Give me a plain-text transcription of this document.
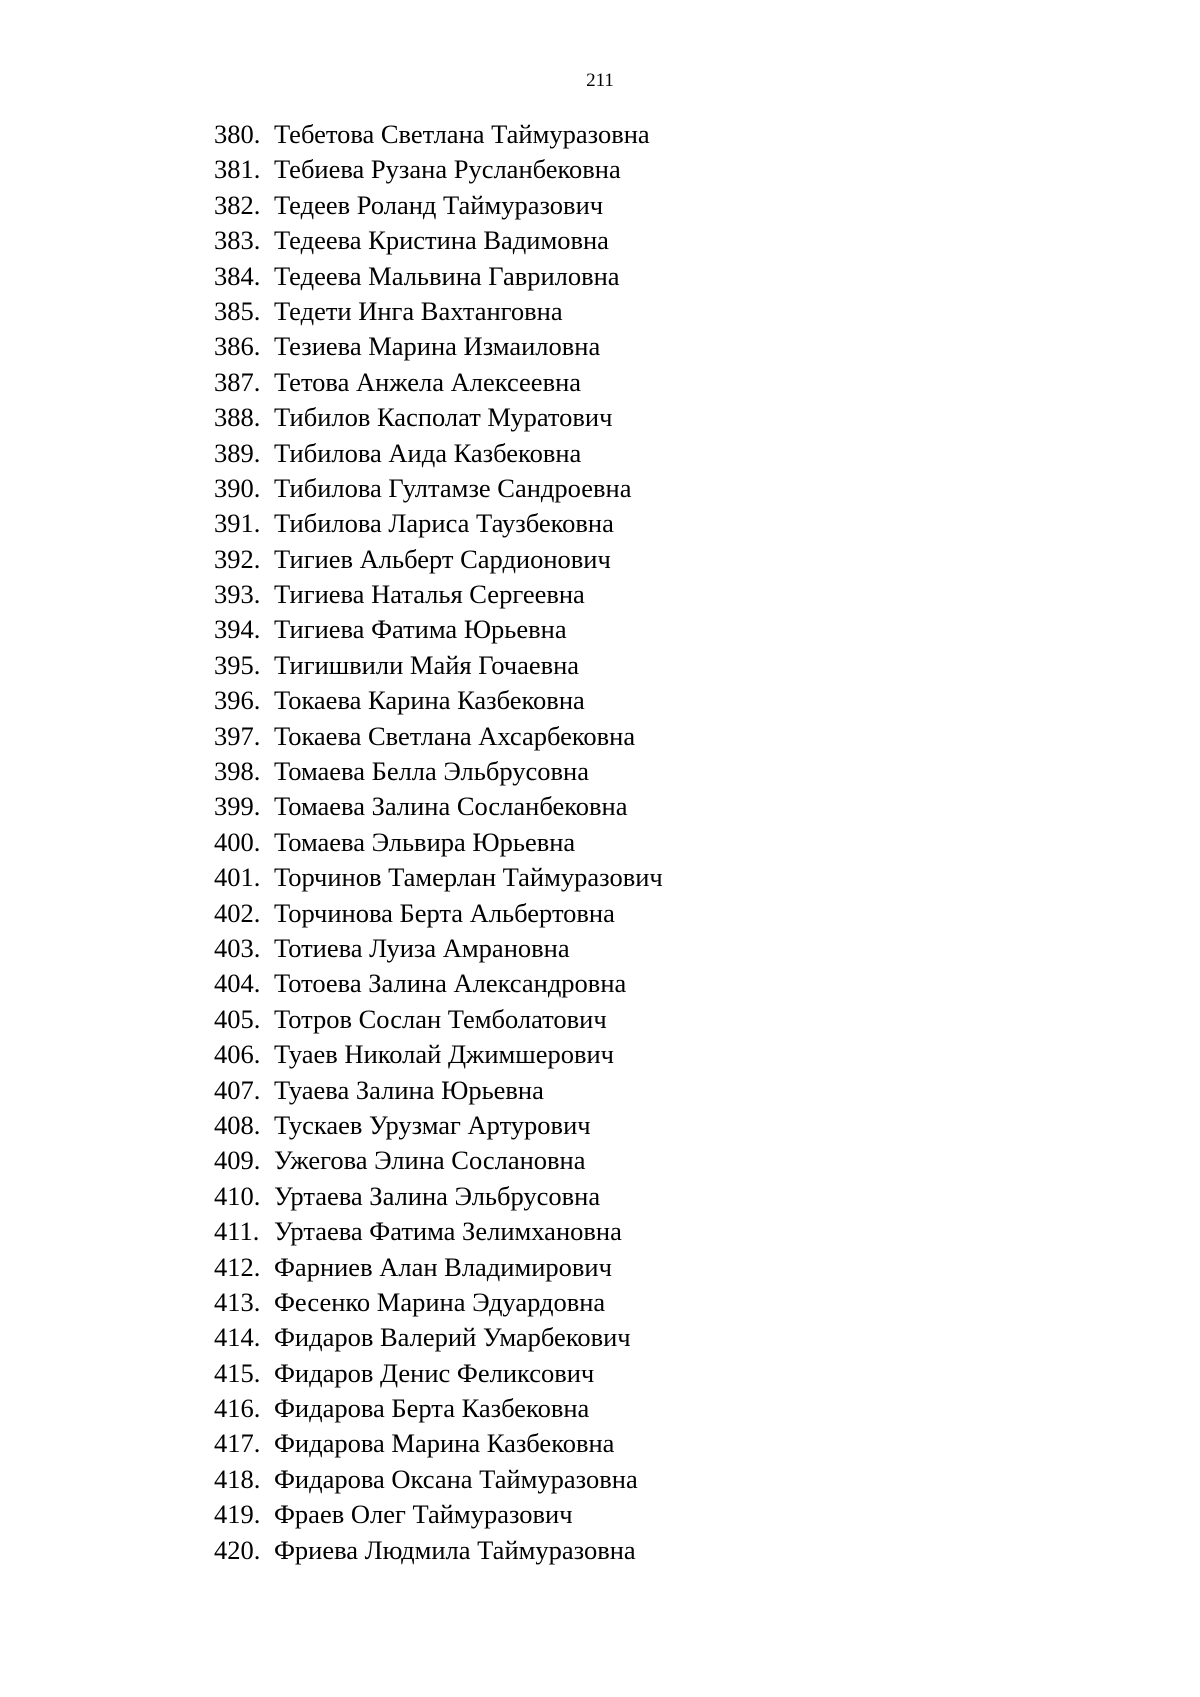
211
380. Тебетова Светлана Таймуразовна
381. Тебиева Рузана Русланбековна
382. Тедеев Роланд Таймуразович
383. Тедеева Кристина Вадимовна
384. Тедеева Мальвина Гавриловна
385. Тедети Инга Вахтанговна
386. Тезиева Марина Измаиловна
387. Тетова Анжела Алексеевна
388. Тибилов Касполат Муратович
389. Тибилова Аида Казбековна
390. Тибилова Гултамзе Сандроевна
391. Тибилова Лариса Таузбековна
392. Тигиев Альберт Сардионович
393. Тигиева Наталья Сергеевна
394. Тигиева Фатима Юрьевна
395. Тигишвили Майя Гочаевна
396. Токаева Карина Казбековна
397. Токаева Светлана Ахсарбековна
398. Томаева Белла Эльбрусовна
399. Томаева Залина Сосланбековна
400. Томаева Эльвира Юрьевна
401. Торчинов Тамерлан Таймуразович
402. Торчинова Берта Альбертовна
403. Тотиева Луиза Амрановна
404. Тотоева Залина Александровна
405. Тотров Сослан Темболатович
406. Туаев Николай Джимшерович
407. Туаева Залина Юрьевна
408. Тускаев Урузмаг Артурович
409. Ужегова Элина Сослановна
410. Уртаева Залина Эльбрусовна
411. Уртаева Фатима Зелимхановна
412. Фарниев Алан Владимирович
413. Фесенко Марина Эдуардовна
414. Фидаров Валерий Умарбекович
415. Фидаров Денис Феликсович
416. Фидарова Берта Казбековна
417. Фидарова Марина Казбековна
418. Фидарова Оксана Таймуразовна
419. Фраев Олег Таймуразович
420. Фриева Людмила Таймуразовна
